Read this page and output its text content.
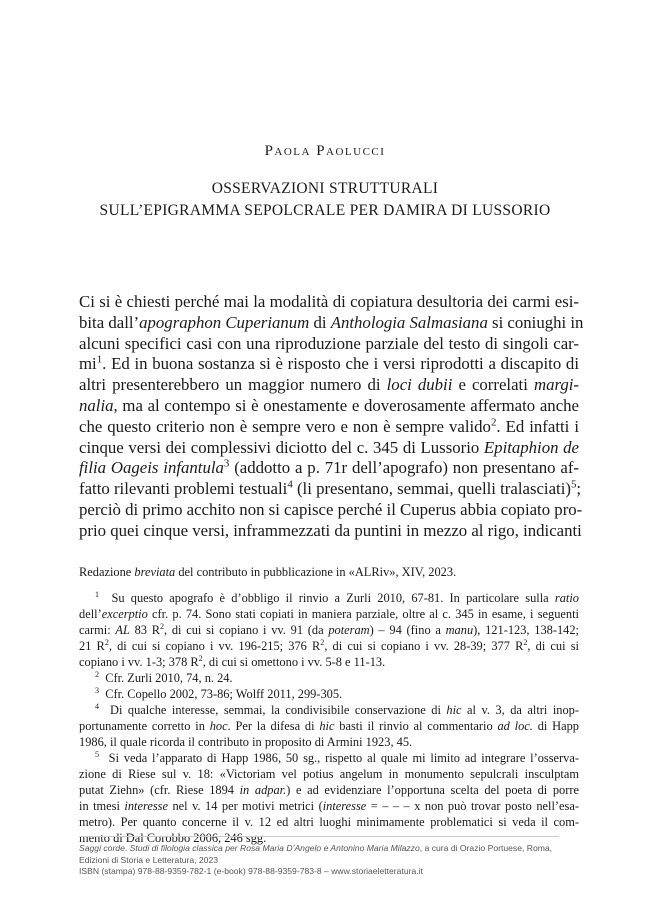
Paola Paolucci
OSSERVAZIONI STRUTTURALI
SULL’EPIGRAMMA SEPOLCRALE PER DAMIRA DI LUSSORIO
Ci si è chiesti perché mai la modalità di copiatura desultoria dei carmi esi-
bita dall’apographon Cuperianum di Anthologia Salmasiana si coniughi in
alcuni specifici casi con una riproduzione parziale del testo di singoli car-
$mi^1$. Ed in buona sostanza si è risposto che i versi riprodotti a discapito di
altri presenterebbero un maggior numero di loci dubii e correlati margi-
nalia, ma al contempo si è onestamente e doverosamente affermato anche
che questo criterio non è sempre vero e non è sempre valido$^2$. Ed infatti i
cinque versi dei complessivi diciotto del c. 345 di Lussorio Epitaphion de
filia Oageis infantula$^3$ (addotto a p. 71r dell’apografo) non presentano af-
fatto rilevanti problemi testuali$^4$ (li presentano, semmai, quelli tralasciati)$^5$;
perciò di primo acchito non si capisce perché il Cuperus abbia copiato pro-
prio quei cinque versi, inframmezzati da puntini in mezzo al rigo, indicanti
Redazione breviata del contributo in pubblicazione in «ALRiv», XIV, 2023.
$^1$ Su questo apografo è d’obbligo il rinvio a Zurli 2010, 67-81. In particolare sulla ratio
dell’excerptio cfr. p. 74. Sono stati copiati in maniera parziale, oltre al c. 345 in esame, i seguenti
carmi: AL 83 $R^2$, di cui si copiano i vv. 91 (da poteram) – 94 (fino a manu), 121-123, 138-142;
21 $R^2$, di cui si copiano i vv. 196-215; 376 $R^2$, di cui si copiano i vv. 28-39; 377 $R^2$, di cui si
copiano i vv. 1-3; 378 $R^2$, di cui si omettono i vv. 5-8 e 11-13.
$^2$ Cfr. Zurli 2010, 74, n. 24.
$^3$ Cfr. Copello 2002, 73-86; Wolff 2011, 299-305.
$^4$ Di qualche interesse, semmai, la condivisibile conservazione di hic al v. 3, da altri inop-
portunamente corretto in hoc. Per la difesa di hic basti il rinvio al commentario ad loc. di Happ
1986, il quale ricorda il contributo in proposito di Armini 1923, 45.
$^5$ Si veda l’apparato di Happ 1986, 50 sg., rispetto al quale mi limito ad integrare l’osserva-
zione di Riese sul v. 18: «Victoriam vel potius angelum in monumento sepulcrali insculptam
putat Ziehn» (cfr. Riese 1894 in adpar.) e ad evidenziare l’opportuna scelta del poeta di porre
in tmesi interesse nel v. 14 per motivi metrici (interesse = – – – x non può trovar posto nell’esa-
metro). Per quanto concerne il v. 12 ed altri luoghi minimamente problematici si veda il com-
mento di Dal Corobbo 2006, 246 sgg.
Saggi corde. Studi di filologia classica per Rosa Maria D’Angelo e Antonino Maria Milazzo, a cura di Orazio Portuese, Roma,
Edizioni di Storia e Letteratura, 2023
ISBN (stampa) 978-88-9359-782-1 (e-book) 978-88-9359-783-8 – www.storiaeletteratura.it
